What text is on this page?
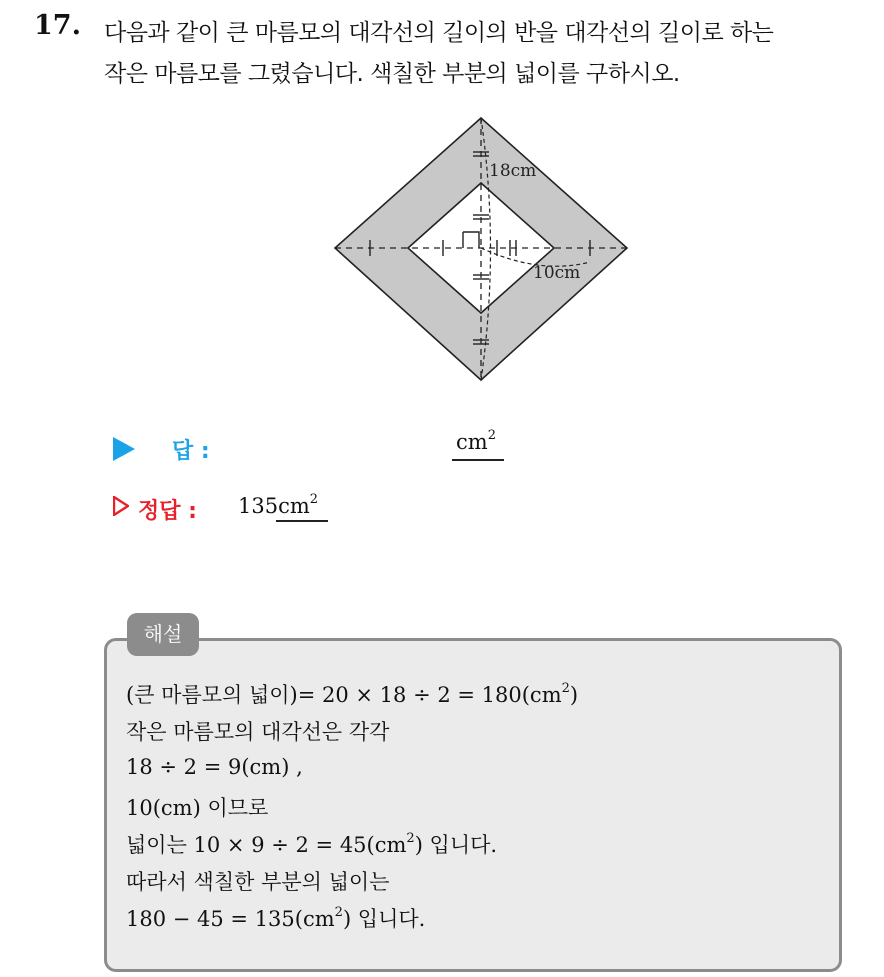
17. 다음과 같이 큰 마름모의 대각선의 길이의 반을 대각선의 길이로 하는
작은 마름모를 그렸습니다. 색칠한 부분의 넓이를 구하시오.
18cm
10cm
답 :	$cm^2$
정답 : $135cm^2$
해설
(큰 마름모의 넓이)= $20 \times 18 \div 2 = 180(cm^2)$
작은 마름모의 대각선은 각각
18 ÷ 2 = 9(cm) ,
10(cm) 이므로
넓이는 $10 \times 9 \div 2 = 45(cm^2)$ 입니다.
따라서 색칠한 부분의 넓이는
$180 - 45 = 135(cm^2)$ 입니다.
